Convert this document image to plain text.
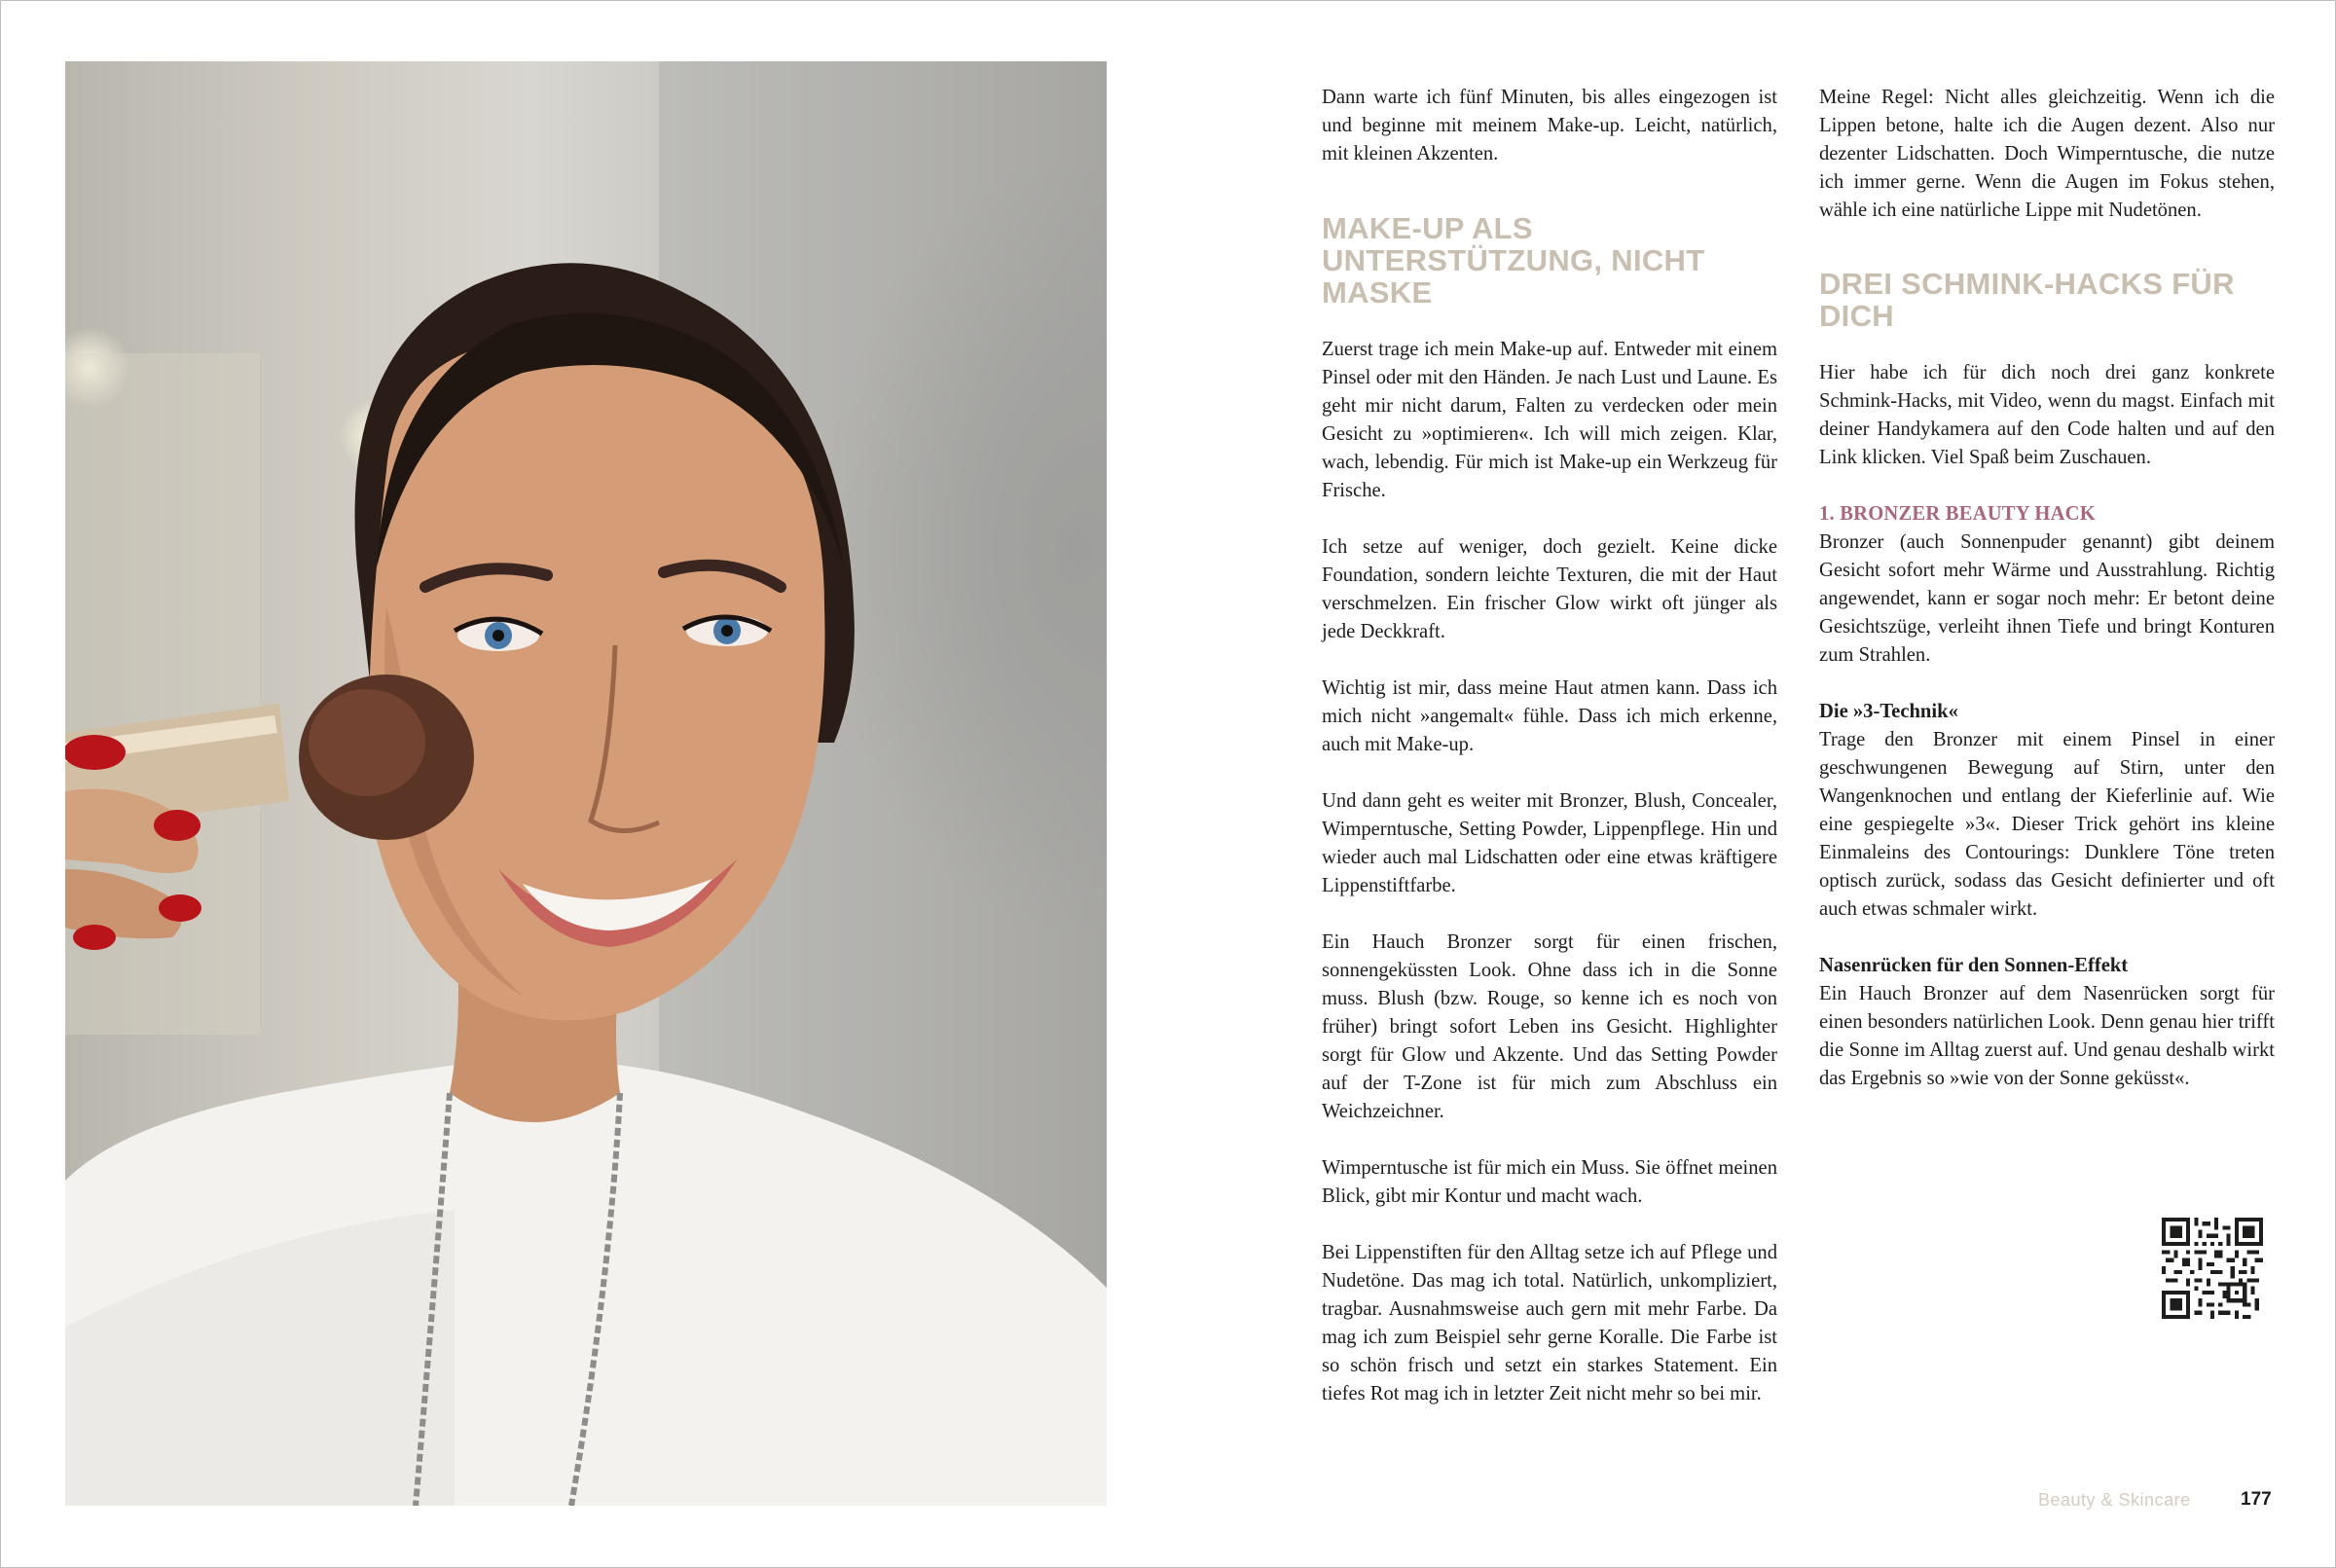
Dann warte ich fünf Minuten, bis alles eingezogen ist und beginne mit meinem Make-up. Leicht, natürlich, mit kleinen Akzenten.

MAKE-UP ALS UNTERSTÜTZUNG, NICHT MASKE

Zuerst trage ich mein Make-up auf. Entweder mit einem Pinsel oder mit den Händen. Je nach Lust und Laune. Es geht mir nicht darum, Falten zu verdecken oder mein Gesicht zu »optimieren«. Ich will mich zeigen. Klar, wach, lebendig. Für mich ist Make-up ein Werkzeug für Frische.

Ich setze auf weniger, doch gezielt. Keine dicke Foundation, sondern leichte Texturen, die mit der Haut verschmelzen. Ein frischer Glow wirkt oft jünger als jede Deckkraft.

Wichtig ist mir, dass meine Haut atmen kann. Dass ich mich nicht »angemalt« fühle. Dass ich mich erkenne, auch mit Make-up.

Und dann geht es weiter mit Bronzer, Blush, Concealer, Wimperntusche, Setting Powder, Lippenpflege. Hin und wieder auch mal Lidschatten oder eine etwas kräftigere Lippenstiftfarbe.

Ein Hauch Bronzer sorgt für einen frischen, sonnengeküssten Look. Ohne dass ich in die Sonne muss. Blush (bzw. Rouge, so kenne ich es noch von früher) bringt sofort Leben ins Gesicht. Highlighter sorgt für Glow und Akzente. Und das Setting Powder auf der T-Zone ist für mich zum Abschluss ein Weichzeichner.

Wimperntusche ist für mich ein Muss. Sie öffnet meinen Blick, gibt mir Kontur und macht wach.

Bei Lippenstiften für den Alltag setze ich auf Pflege und Nudetöne. Das mag ich total. Natürlich, unkompliziert, tragbar. Ausnahmsweise auch gern mit mehr Farbe. Da mag ich zum Beispiel sehr gerne Koralle. Die Farbe ist so schön frisch und setzt ein starkes Statement. Ein tiefes Rot mag ich in letzter Zeit nicht mehr so bei mir.

Meine Regel: Nicht alles gleichzeitig. Wenn ich die Lippen betone, halte ich die Augen dezent. Also nur dezenter Lidschatten. Doch Wimperntusche, die nutze ich immer gerne. Wenn die Augen im Fokus stehen, wähle ich eine natürliche Lippe mit Nudetönen.

DREI SCHMINK-HACKS FÜR DICH

Hier habe ich für dich noch drei ganz konkrete Schmink-Hacks, mit Video, wenn du magst. Einfach mit deiner Handykamera auf den Code halten und auf den Link klicken. Viel Spaß beim Zuschauen.

1. BRONZER BEAUTY HACK

Bronzer (auch Sonnenpuder genannt) gibt deinem Gesicht sofort mehr Wärme und Ausstrahlung. Richtig angewendet, kann er sogar noch mehr: Er betont deine Gesichtszüge, verleiht ihnen Tiefe und bringt Konturen zum Strahlen.

Die »3-Technik«

Trage den Bronzer mit einem Pinsel in einer geschwungenen Bewegung auf Stirn, unter den Wangenknochen und entlang der Kieferlinie auf. Wie eine gespiegelte »3«. Dieser Trick gehört ins kleine Einmaleins des Contourings: Dunklere Töne treten optisch zurück, sodass das Gesicht definierter und oft auch etwas schmaler wirkt.

Nasenrücken für den Sonnen-Effekt

Ein Hauch Bronzer auf dem Nasenrücken sorgt für einen besonders natürlichen Look. Denn genau hier trifft die Sonne im Alltag zuerst auf. Und genau deshalb wirkt das Ergebnis so »wie von der Sonne geküsst«.

Beauty & Skincare	177
